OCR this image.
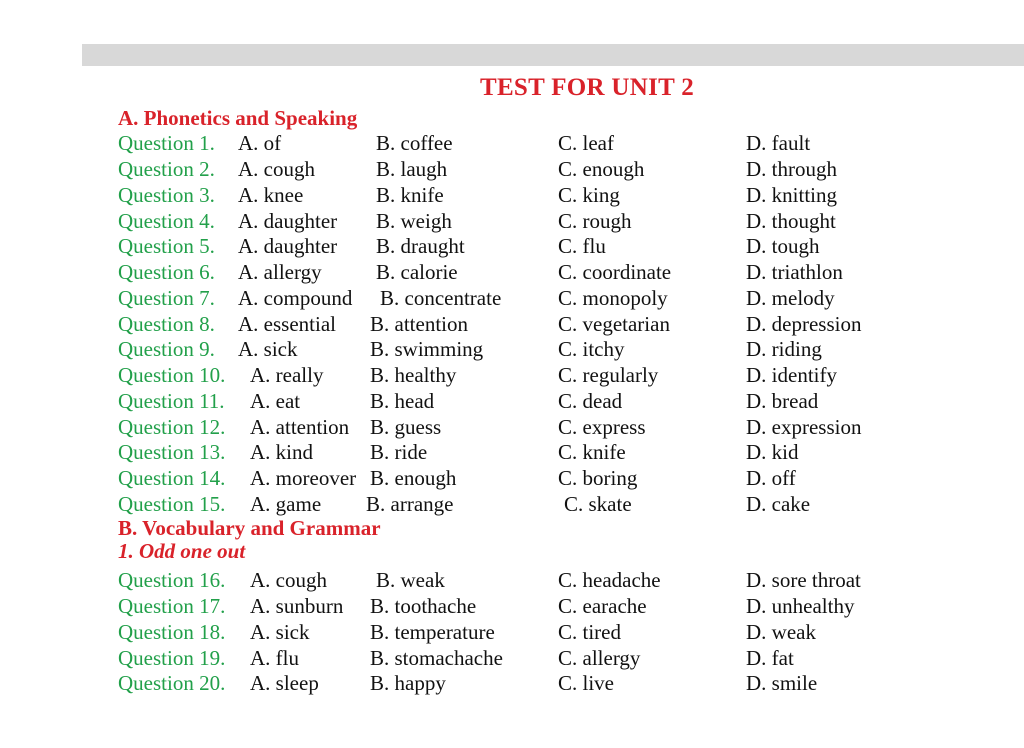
TEST FOR UNIT 2
A. Phonetics and Speaking
Question 1. A. of	B. coffee	C. leaf	D. fault
Question 2. A. cough	B. laugh	C. enough	D. through
Question 3. A. knee	B. knife	C. king	D. knitting
Question 4. A. daughter B. weigh	C. rough	D. thought
Question 5. A. daughter B. draught	C. flu	D. tough
Question 6. A. allergy	B. calorie	C. coordinate	D. triathlon
Question 7. A. compound B. concentrate	C. monopoly	D. melody
Question 8. A. essential B. attention	C. vegetarian	D. depression
Question 9. A. sick	B. swimming	C. itchy	D. riding
Question 10. A. really B. healthy	C. regularly	D. identify
Question 11. A. eat	B. head	C. dead	D. bread
Question 12. A. attention B. guess	C. express	D. expression
Question 13. A. kind	B. ride	C. knife	D. kid
Question 14. A. moreover B. enough	C. boring	D. off
Question 15. A. game B. arrange	C. skate	D. cake
B. Vocabulary and Grammar
1. Odd one out
Question 16. A. cough B. weak	C. headache	D. sore throat
Question 17. A. sunburn B. toothache	C. earache	D. unhealthy
Question 18. A. sick	B. temperature	C. tired	D. weak
Question 19. A. flu	B. stomachache	C. allergy	D. fat
Question 20. A. sleep B. happy	C. live	D. smile
